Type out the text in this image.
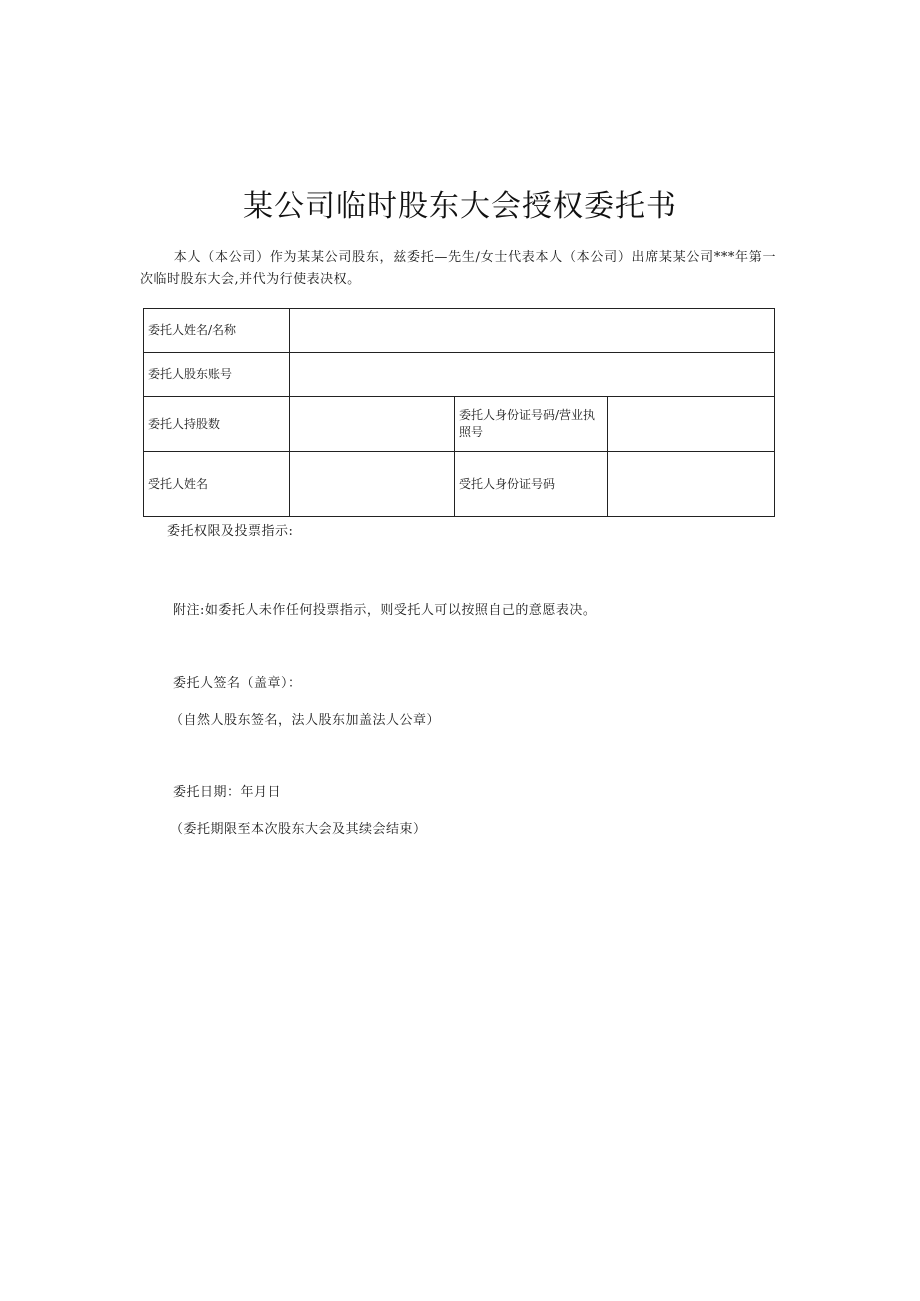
某公司临时股东大会授权委托书
本人（本公司）作为某某公司股东，兹委托—先生/女士代表本人（本公司）出席某某公司***年第一次临时股东大会,并代为行使表决权。
委托人姓名/名称			
委托人股东账号			
委托人持股数		委托人身份证号码/营业执照号	
受托人姓名		受托人身份证号码	
委托权限及投票指示:
附注:如委托人未作任何投票指示，则受托人可以按照自己的意愿表决。
委托人签名（盖章）：
（自然人股东签名，法人股东加盖法人公章）
委托日期：年月日
（委托期限至本次股东大会及其续会结束）
